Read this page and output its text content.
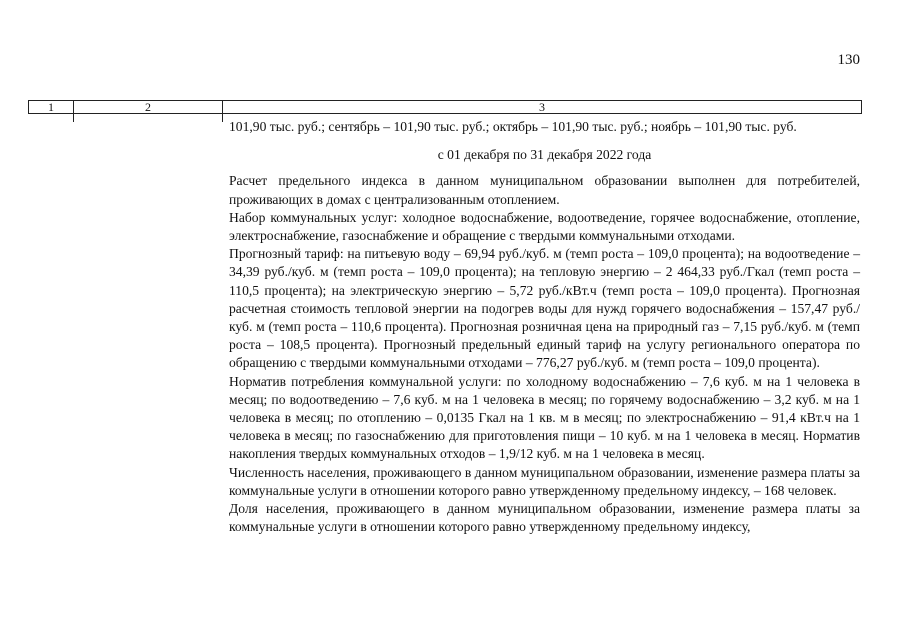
130
1	2	3

101,90 тыс. руб.; сентябрь – 101,90 тыс. руб.; октябрь – 101,90 тыс. руб.; ноябрь – 101,90 тыс. руб.

с 01 декабря по 31 декабря 2022 года

Расчет предельного индекса в данном муниципальном образовании выполнен для потребителей, проживающих в домах с централизованным отоплением.

Набор коммунальных услуг: холодное водоснабжение, водоотведение, горячее водоснабжение, отопление, электроснабжение, газоснабжение и обращение с твердыми коммунальными отходами.

Прогнозный тариф: на питьевую воду – 69,94 руб./куб. м (темп роста – 109,0 процента); на водоотведение – 34,39 руб./куб. м (темп роста – 109,0 процента); на тепловую энергию – 2 464,33 руб./Гкал (темп роста – 110,5 процента); на электрическую энергию – 5,72 руб./кВт.ч (темп роста – 109,0 процента). Прогнозная расчетная стоимость тепловой энергии на подогрев воды для нужд горячего водоснабжения – 157,47 руб./куб. м (темп роста – 110,6 процента). Прогнозная розничная цена на природный газ – 7,15 руб./куб. м (темп роста – 108,5 процента). Прогнозный предельный единый тариф на услугу регионального оператора по обращению с твердыми коммунальными отходами – 776,27 руб./куб. м (темп роста – 109,0 процента).

Норматив потребления коммунальной услуги: по холодному водоснабжению – 7,6 куб. м на 1 человека в месяц; по водоотведению – 7,6 куб. м на 1 человека в месяц; по горячему водоснабжению – 3,2 куб. м на 1 человека в месяц; по отоплению – 0,0135 Гкал на 1 кв. м в месяц; по электроснабжению – 91,4 кВт.ч на 1 человека в месяц; по газоснабжению для приготовления пищи – 10 куб. м на 1 человека в месяц. Норматив накопления твердых коммунальных отходов – 1,9/12 куб. м на 1 человека в месяц.

Численность населения, проживающего в данном муниципальном образовании, изменение размера платы за коммунальные услуги в отношении которого равно утвержденному предельному индексу, – 168 человек.

Доля населения, проживающего в данном муниципальном образовании, изменение размера платы за коммунальные услуги в отношении которого равно утвержденному предельному индексу,
